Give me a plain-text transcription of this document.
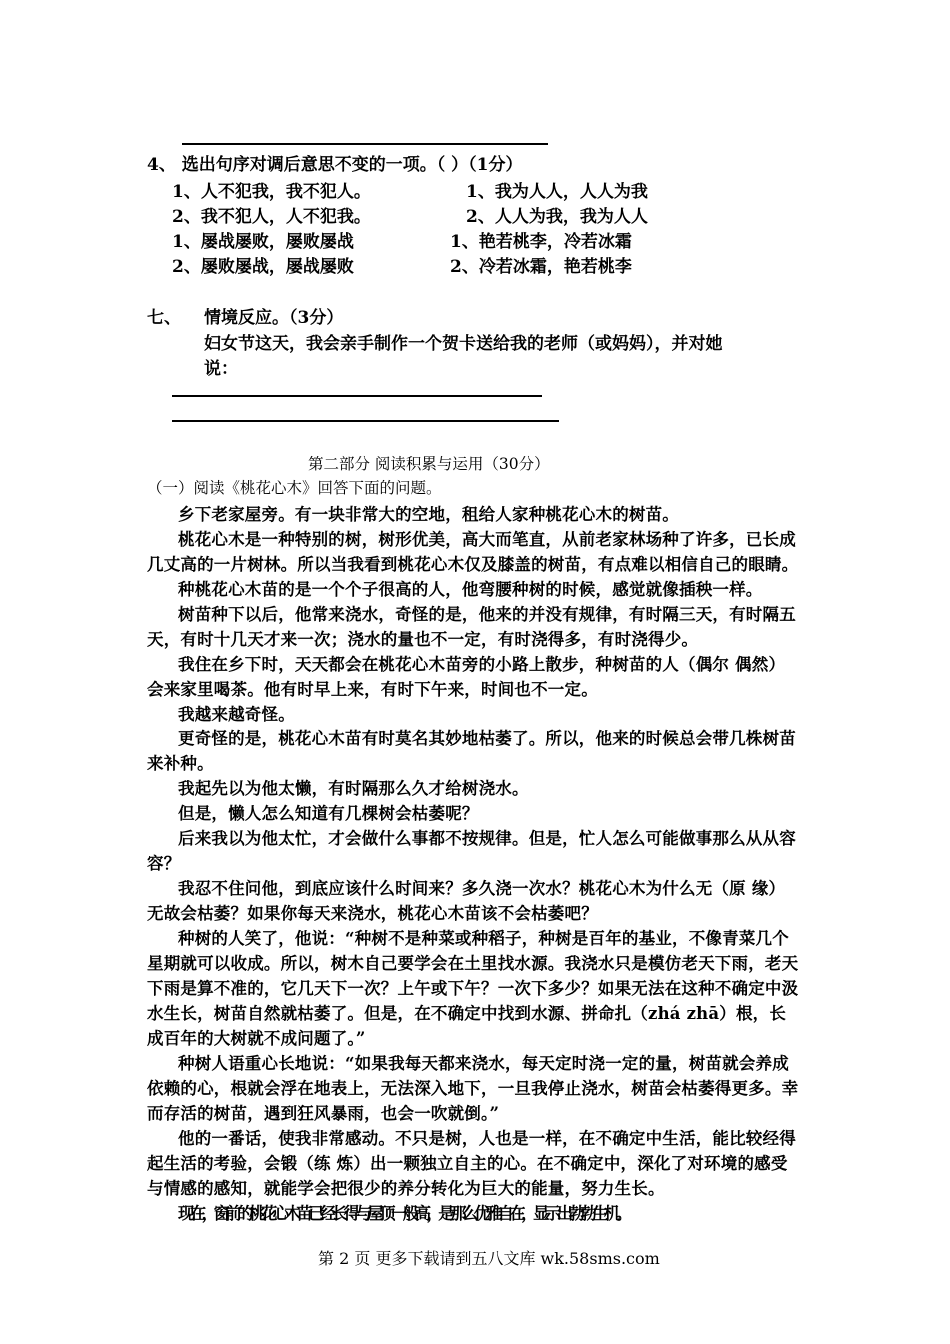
4、 选出句序对调后意思不变的一项。（ ）（1分）
1、人不犯我，我不犯人。
2、我不犯人，人不犯我。
1、屡战屡败，屡败屡战
2、屡败屡战，屡战屡败
1、我为人人，人人为我
2、人人为我，我为人人
1、艳若桃李，冷若冰霜
2、冷若冰霜，艳若桃李
七、 情境反应。（3分）
妇女节这天，我会亲手制作一个贺卡送给我的老师（或妈妈），并对她
说：
第二部分 阅读积累与运用（30分）
（一）阅读《桃花心木》回答下面的问题。
乡下老家屋旁。有一块非常大的空地，租给人家种桃花心木的树苗。
桃花心木是一种特别的树，树形优美，高大而笔直，从前老家林场种了许多，已长成
几丈高的一片树林。所以当我看到桃花心木仅及膝盖的树苗，有点难以相信自己的眼睛。
种桃花心木苗的是一个个子很高的人，他弯腰种树的时候，感觉就像插秧一样。
树苗种下以后，他常来浇水，奇怪的是，他来的并没有规律，有时隔三天，有时隔五
天，有时十几天才来一次；浇水的量也不一定，有时浇得多，有时浇得少。
我住在乡下时，天天都会在桃花心木苗旁的小路上散步，种树苗的人（偶尔 偶然）
会来家里喝茶。他有时早上来，有时下午来，时间也不一定。
我越来越奇怪。
更奇怪的是，桃花心木苗有时莫名其妙地枯萎了。所以，他来的时候总会带几株树苗
来补种。
我起先以为他太懒，有时隔那么久才给树浇水。
但是，懒人怎么知道有几棵树会枯萎呢？
后来我以为他太忙，才会做什么事都不按规律。但是，忙人怎么可能做事那么从从容
容？
我忍不住问他，到底应该什么时间来？多久浇一次水？桃花心木为什么无（原 缘）
无故会枯萎？如果你每天来浇水，桃花心木苗该不会枯萎吧？
种树的人笑了，他说：“种树不是种菜或种稻子，种树是百年的基业，不像青菜几个
星期就可以收成。所以，树木自己要学会在土里找水源。我浇水只是模仿老天下雨，老天
下雨是算不准的，它几天下一次？上午或下午？一次下多少？如果无法在这种不确定中汲
水生长，树苗自然就枯萎了。但是，在不确定中找到水源、拼命扎（zhá zhā）根，长
成百年的大树就不成问题了。”
种树人语重心长地说：“如果我每天都来浇水，每天定时浇一定的量，树苗就会养成
依赖的心，根就会浮在地表上，无法深入地下，一旦我停止浇水，树苗会枯萎得更多。幸
而存活的树苗，遇到狂风暴雨，也会一吹就倒。”
他的一番话，使我非常感动。不只是树，人也是一样，在不确定中生活，能比较经得
起生活的考验，会锻（练 炼）出一颗独立自主的心。在不确定中，深化了对环境的感受
与情感的感知，就能学会把很少的养分转化为巨大的能量，努力生长。
现在，窗前的桃花心木苗已经长得与屋顶一般高，是那么优雅自在，显示出勃勃生机。
第 2 页 更多下载请到五八文库 wk.58sms.com
